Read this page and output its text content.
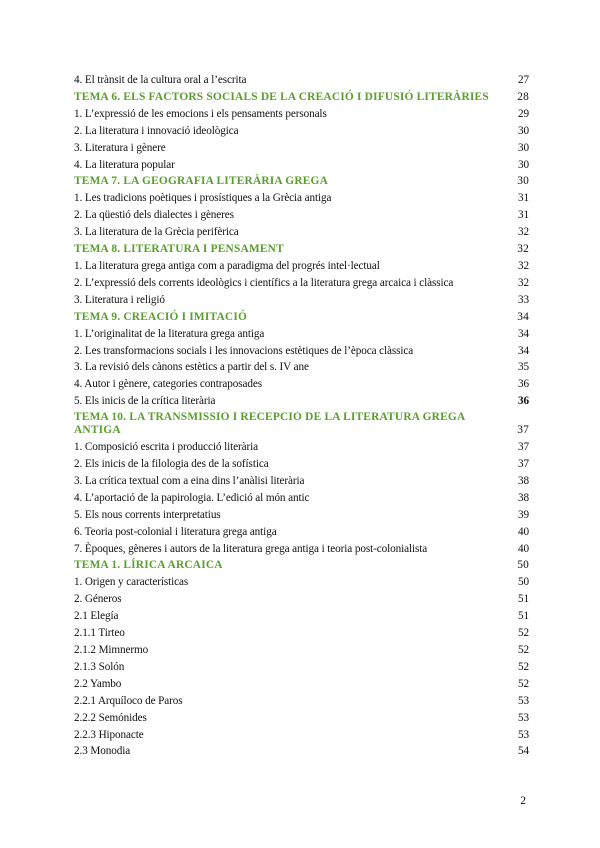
4. El trànsit de la cultura oral a l’escrita	27
TEMA 6. ELS FACTORS SOCIALS DE LA CREACIÓ I DIFUSIÓ LITERÀRIES 28
1. L’expressió de les emocions i els pensaments personals	29
2. La literatura i innovació ideològica	30
3. Literatura i gènere	30
4. La literatura popular	30
TEMA 7. LA GEOGRAFIA LITERÀRIA GREGA	30
1. Les tradicions poètiques i prosístiques a la Grècia antiga	31
2. La qüestió dels dialectes i gèneres	31
3. La literatura de la Grècia perifèrica	32
TEMA 8. LITERATURA I PENSAMENT	32
1. La literatura grega antiga com a paradigma del progrés intel·lectual	32
2. L’expressió dels corrents ideològics i científics a la literatura grega arcaica i clàssica	32
3. Literatura i religió	33
TEMA 9. CREACIÓ I IMITACIÓ	34
1. L’originalitat de la literatura grega antiga	34
2. Les transformacions socials i les innovacions estètiques de l’època clàssica	34
3. La revisió dels cànons estètics a partir del s. IV ane	35
4. Autor i gènere, categories contraposades	36
5. Els inicis de la crítica literària	36
TEMA 10. LA TRANSMISSIÓ I RECEPCIÓ DE LA LITERATURA GREGA ANTIGA	37
1. Composició escrita i producció literària	37
2. Els inicis de la filologia des de la sofística	37
3. La crítica textual com a eina dins l’anàlisi literària	38
4. L’aportació de la papirologia. L’edició al món antic	38
5. Els nous corrents interpretatius	39
6. Teoria post-colonial i literatura grega antiga	40
7. Èpoques, gèneres i autors de la literatura grega antiga i teoria post-colonialista	40
TEMA 1. LÍRICA ARCAICA	50
1. Origen y características	50
2. Géneros	51
2.1 Elegía	51
2.1.1 Tirteo	52
2.1.2 Mimnermo	52
2.1.3 Solón	52
2.2 Yambo	52
2.2.1 Arquíloco de Paros	53
2.2.2 Semónides	53
2.2.3 Hiponacte	53
2.3 Monodia	54
2
